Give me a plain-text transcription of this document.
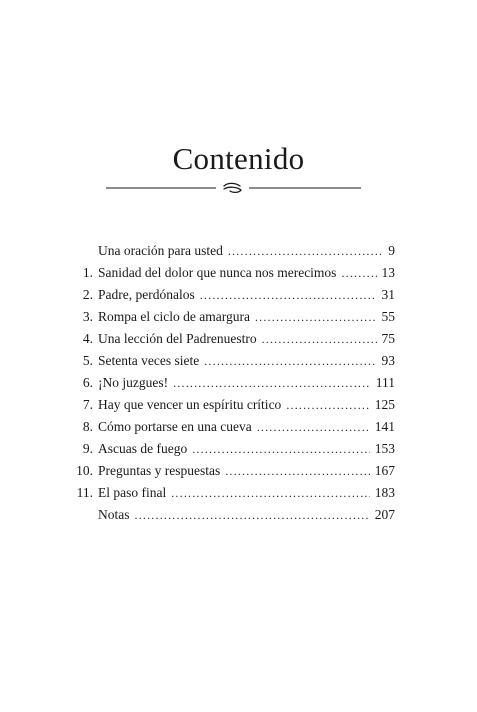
Contenido
Una oración para usted .....	9
1. Sanidad del dolor que nunca nos merecimos .....	13
2. Padre, perdónalos .....	31
3. Rompa el ciclo de amargura .....	55
4. Una lección del Padrenuestro .....	75
5. Setenta veces siete .....	93
6. ¡No juzgues! .....	111
7. Hay que vencer un espíritu crítico .....	125
8. Cómo portarse en una cueva .....	141
9. Ascuas de fuego .....	153
10. Preguntas y respuestas .....	167
11. El paso final .....	183
Notas .....	207
